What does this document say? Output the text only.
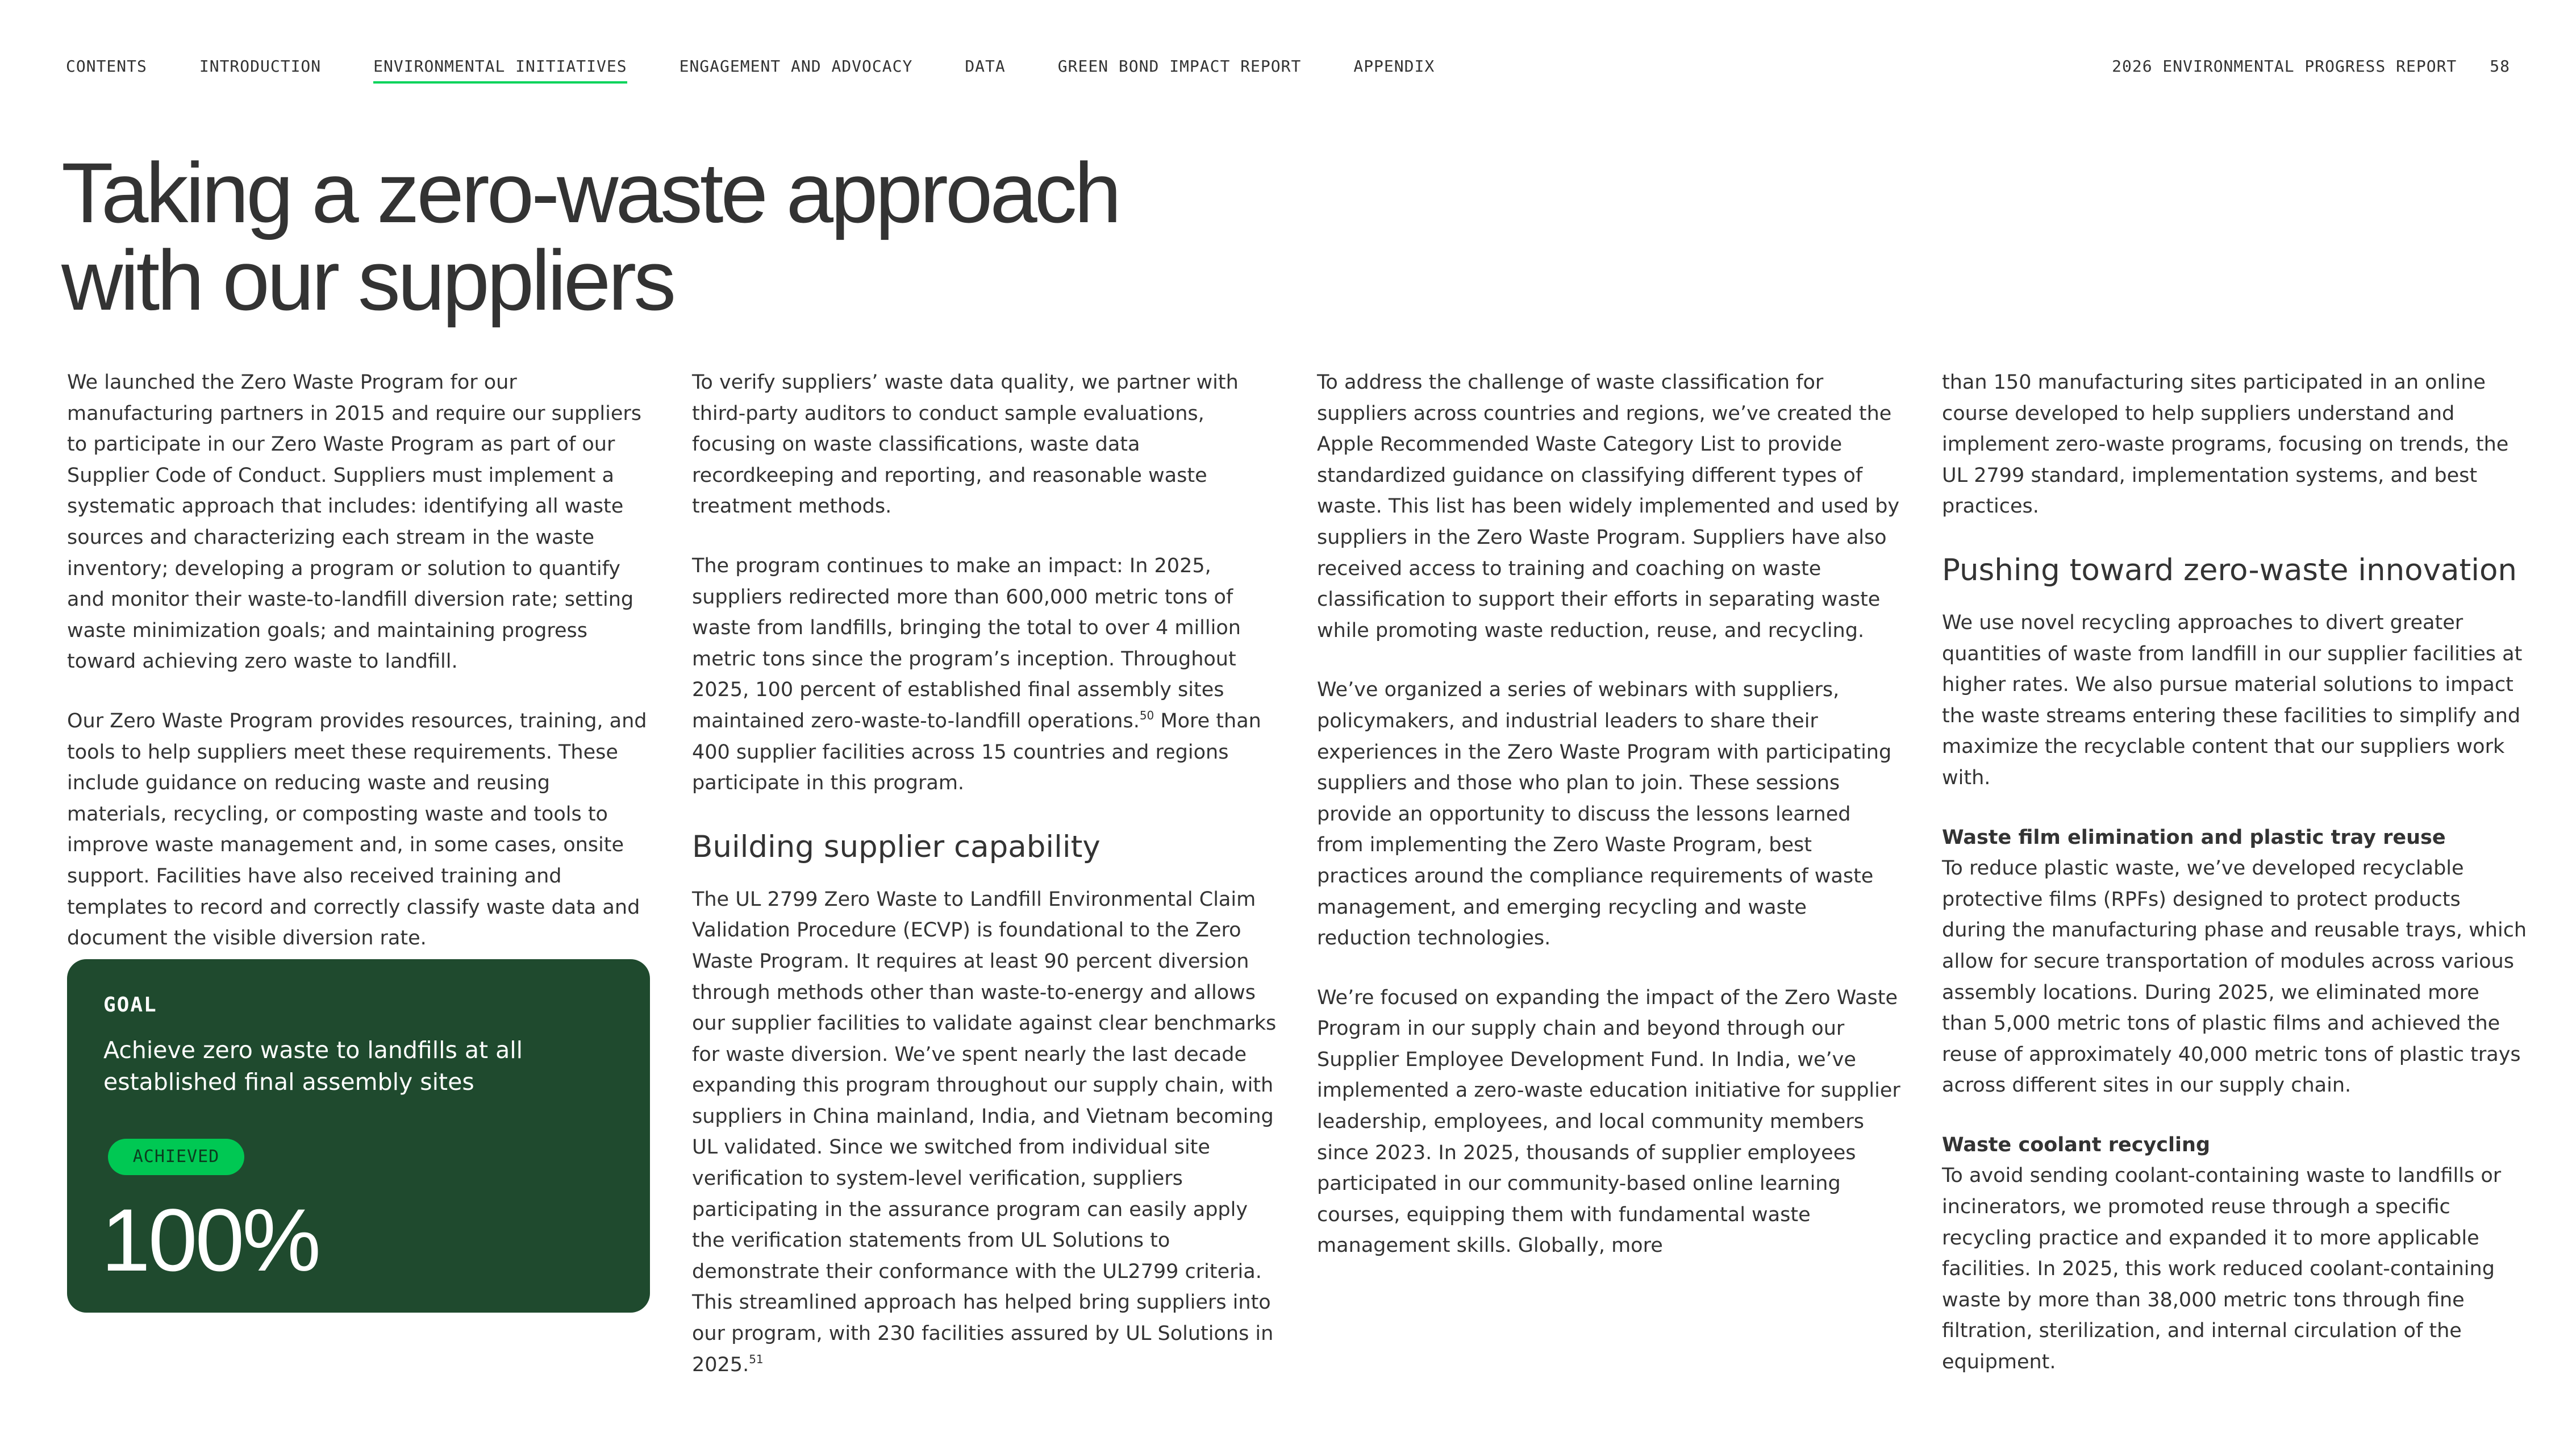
CONTENTS	INTRODUCTION	ENVIRONMENTAL INITIATIVES	ENGAGEMENT AND ADVOCACY	DATA	GREEN BOND IMPACT REPORT	APPENDIX	2026 ENVIRONMENTAL PROGRESS REPORT 58
Taking a zero-waste approach
with our suppliers

We launched the Zero Waste Program for our manufacturing partners in 2015 and require our suppliers to participate in our Zero Waste Program as part of our Supplier Code of Conduct. Suppliers must implement a systematic approach that includes: identifying all waste sources and characterizing each stream in the waste inventory; developing a program or solution to quantify and monitor their waste-to-landfill diversion rate; setting waste minimization goals; and maintaining progress toward achieving zero waste to landfill.

Our Zero Waste Program provides resources, training, and tools to help suppliers meet these requirements. These include guidance on reducing waste and reusing materials, recycling, or composting waste and tools to improve waste management and, in some cases, onsite support. Facilities have also received training and templates to record and correctly classify waste data and document the visible diversion rate.

GOAL
Achieve zero waste to landfills at all established final assembly sites
ACHIEVED
100%

To verify suppliers’ waste data quality, we partner with third-party auditors to conduct sample evaluations, focusing on waste classifications, waste data recordkeeping and reporting, and reasonable waste treatment methods.

The program continues to make an impact: In 2025, suppliers redirected more than 600,000 metric tons of waste from landfills, bringing the total to over 4 million metric tons since the program’s inception. Throughout 2025, 100 percent of established final assembly sites maintained zero-waste-to-landfill operations.$^{50}$ More than 400 supplier facilities across 15 countries and regions participate in this program.

Building supplier capability

The UL 2799 Zero Waste to Landfill Environmental Claim Validation Procedure (ECVP) is foundational to the Zero Waste Program. It requires at least 90 percent diversion through methods other than waste-to-energy and allows our supplier facilities to validate against clear benchmarks for waste diversion. We’ve spent nearly the last decade expanding this program throughout our supply chain, with suppliers in China mainland, India, and Vietnam becoming UL validated. Since we switched from individual site verification to system-level verification, suppliers participating in the assurance program can easily apply the verification statements from UL Solutions to demonstrate their conformance with the UL2799 criteria. This streamlined approach has helped bring suppliers into our program, with 230 facilities assured by UL Solutions in 2025.51

To address the challenge of waste classification for suppliers across countries and regions, we’ve created the Apple Recommended Waste Category List to provide standardized guidance on classifying different types of waste. This list has been widely implemented and used by suppliers in the Zero Waste Program. Suppliers have also received access to training and coaching on waste classification to support their efforts in separating waste while promoting waste reduction, reuse, and recycling.

We’ve organized a series of webinars with suppliers, policymakers, and industrial leaders to share their experiences in the Zero Waste Program with participating suppliers and those who plan to join. These sessions provide an opportunity to discuss the lessons learned from implementing the Zero Waste Program, best practices around the compliance requirements of waste management, and emerging recycling and waste reduction technologies.

We’re focused on expanding the impact of the Zero Waste Program in our supply chain and beyond through our Supplier Employee Development Fund. In India, we’ve implemented a zero-waste education initiative for supplier leadership, employees, and local community members since 2023. In 2025, thousands of supplier employees participated in our community-based online learning courses, equipping them with fundamental waste management skills. Globally, more

than 150 manufacturing sites participated in an online course developed to help suppliers understand and implement zero-waste programs, focusing on trends, the UL 2799 standard, implementation systems, and best practices.

Pushing toward zero-waste innovation

We use novel recycling approaches to divert greater quantities of waste from landfill in our supplier facilities at higher rates. We also pursue material solutions to impact the waste streams entering these facilities to simplify and maximize the recyclable content that our suppliers work with.

Waste film elimination and plastic tray reuse

To reduce plastic waste, we’ve developed recyclable protective films (RPFs) designed to protect products during the manufacturing phase and reusable trays, which allow for secure transportation of modules across various assembly locations. During 2025, we eliminated more than 5,000 metric tons of plastic films and achieved the reuse of approximately 40,000 metric tons of plastic trays across different sites in our supply chain.

Waste coolant recycling

To avoid sending coolant-containing waste to landfills or incinerators, we promoted reuse through a specific recycling practice and expanded it to more applicable facilities. In 2025, this work reduced coolant-containing waste by more than 38,000 metric tons through fine filtration, sterilization, and internal circulation of the equipment.
